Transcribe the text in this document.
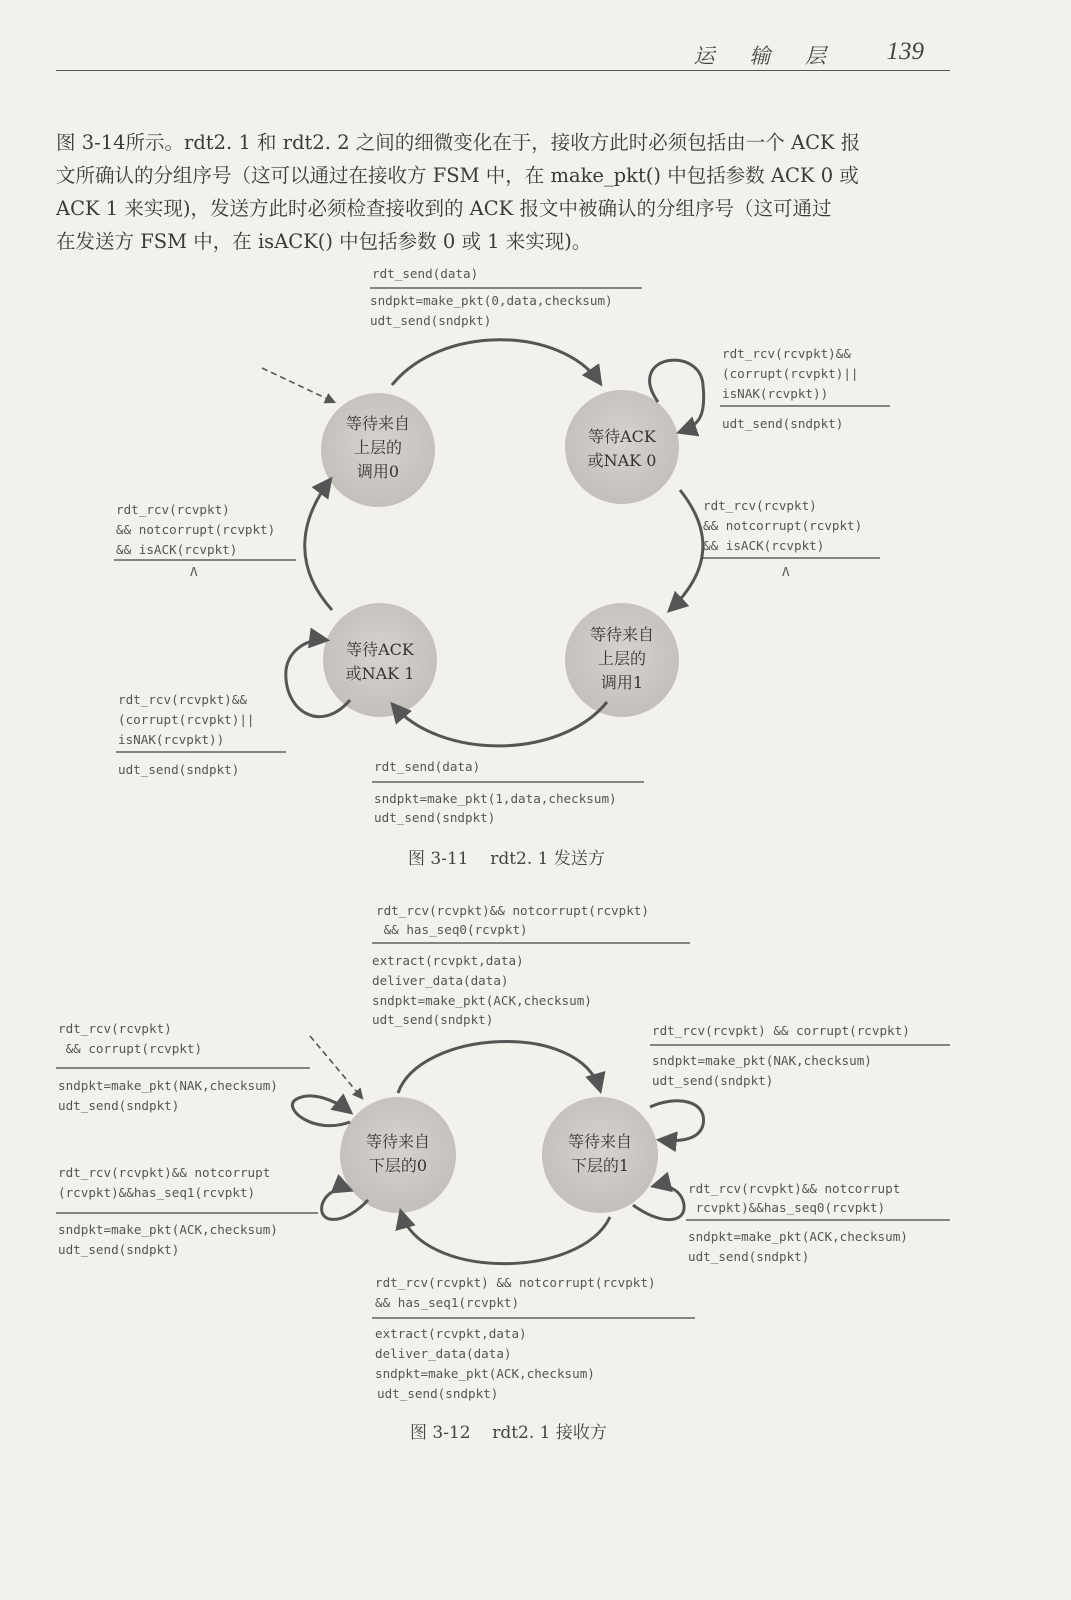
运 输 层 139
图 3-14所示。rdt2. 1 和 rdt2. 2 之间的细微变化在于，接收方此时必须包括由一个 ACK 报
文所确认的分组序号（这可以通过在接收方 FSM 中，在 make_pkt() 中包括参数 ACK 0 或
ACK 1 来实现)，发送方此时必须检查接收到的 ACK 报文中被确认的分组序号（这可通过
在发送方 FSM 中，在 isACK() 中包括参数 0 或 1 来实现)。
等待来自
上层的
调用0
等待ACK
或NAK 0
等待ACK
或NAK 1
等待来自
上层的
调用1
rdt_send(data)
sndpkt=make_pkt(0,data,checksum)
udt_send(sndpkt)
rdt_rcv(rcvpkt)&&
(corrupt(rcvpkt)||
isNAK(rcvpkt))
udt_send(sndpkt)
rdt_rcv(rcvpkt)
&& notcorrupt(rcvpkt)
&& isACK(rcvpkt)
Λ
rdt_rcv(rcvpkt)
&& notcorrupt(rcvpkt)
&& isACK(rcvpkt)
Λ
rdt_rcv(rcvpkt)&&
(corrupt(rcvpkt)||
isNAK(rcvpkt))
udt_send(sndpkt)	rdt_send(data)
sndpkt=make_pkt(1,data,checksum)
udt_send(sndpkt)
图 3-11    rdt2. 1 发送方
等待来自
下层的0
等待来自
下层的1
rdt_rcv(rcvpkt)&& notcorrupt(rcvpkt)
&& has_seq0(rcvpkt)
extract(rcvpkt,data)
deliver_data(data)
sndpkt=make_pkt(ACK,checksum)
udt_send(sndpkt)
rdt_rcv(rcvpkt)
&& corrupt(rcvpkt)
sndpkt=make_pkt(NAK,checksum)
udt_send(sndpkt)
rdt_rcv(rcvpkt)&& notcorrupt
(rcvpkt)&&has_seq1(rcvpkt)
sndpkt=make_pkt(ACK,checksum)
udt_send(sndpkt)
rdt_rcv(rcvpkt) && corrupt(rcvpkt)
sndpkt=make_pkt(NAK,checksum)
udt_send(sndpkt)
rdt_rcv(rcvpkt)&& notcorrupt
rcvpkt)&&has_seq0(rcvpkt)
sndpkt=make_pkt(ACK,checksum)
udt_send(sndpkt)
rdt_rcv(rcvpkt) && notcorrupt(rcvpkt)
&& has_seq1(rcvpkt)
extract(rcvpkt,data)
deliver_data(data)
sndpkt=make_pkt(ACK,checksum)
udt_send(sndpkt)
图 3-12    rdt2. 1 接收方
